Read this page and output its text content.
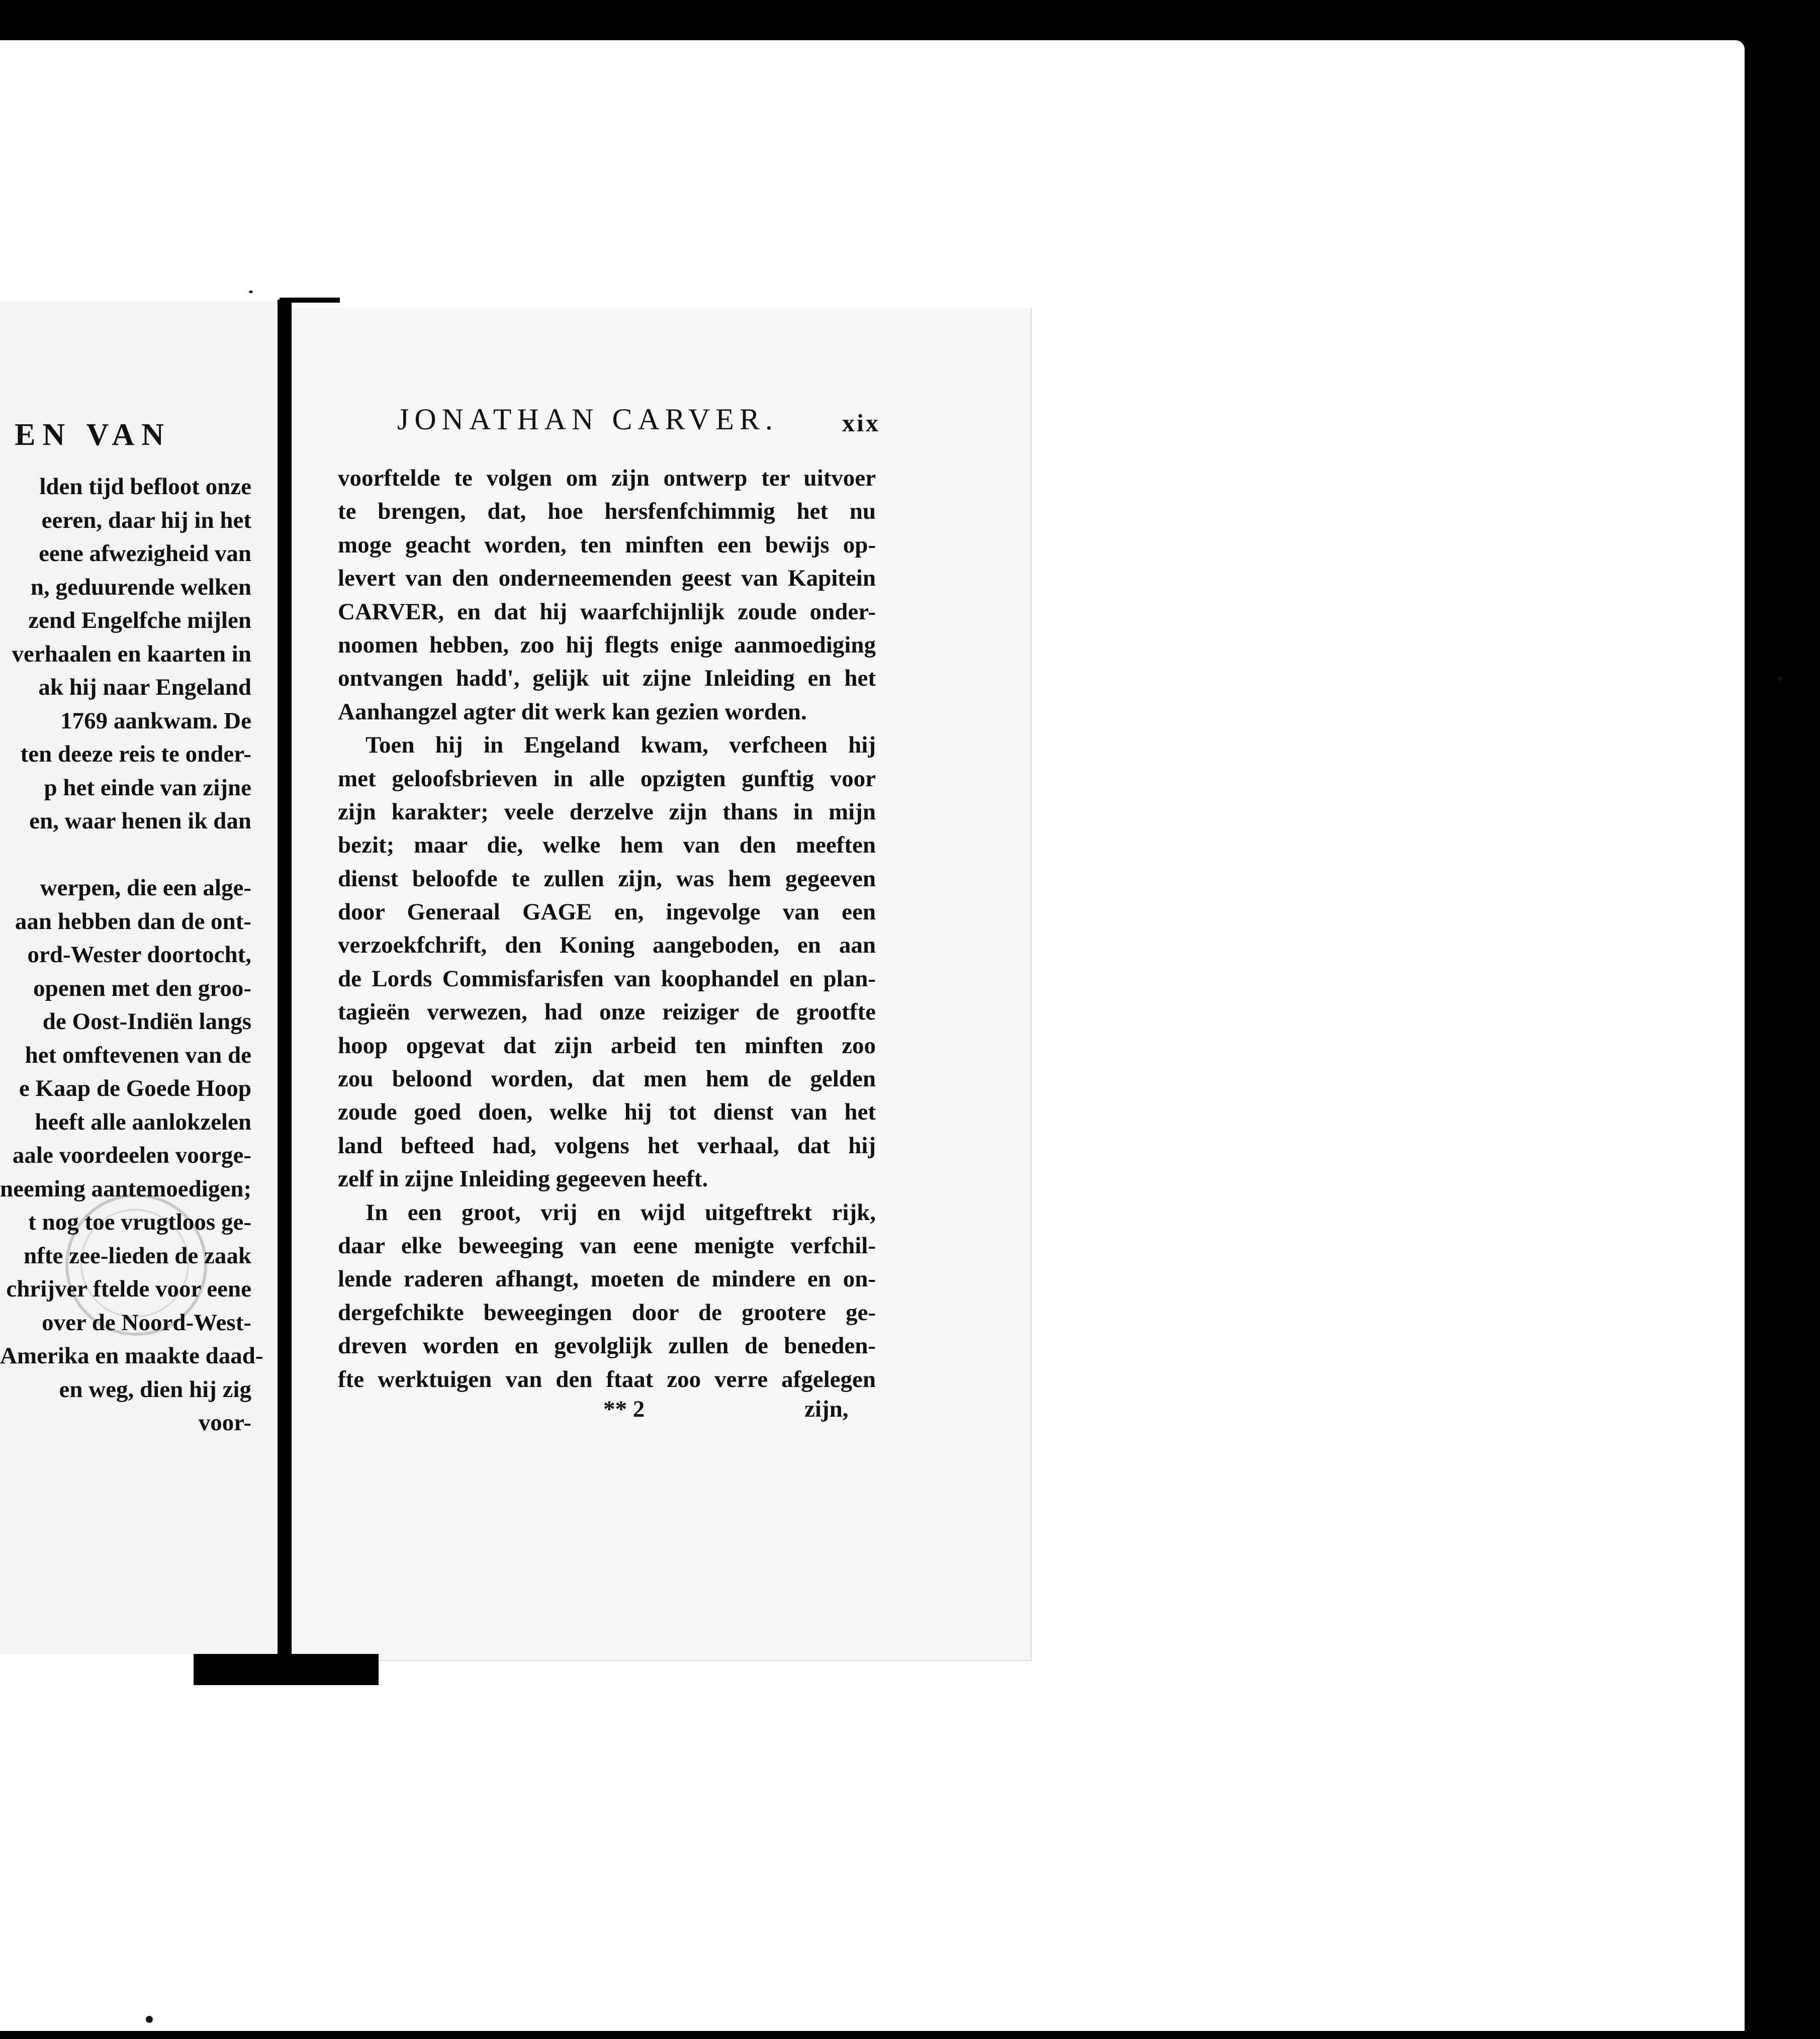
EN VAN
lden tijd befloot onze
eeren, daar hij in het
eene afwezigheid van
n, geduurende welken
zend Engelfche mijlen
verhaalen en kaarten in
ak hij naar Engeland
1769 aankwam. De
ten deeze reis te onder-
p het einde van zijne
en, waar henen ik dan
werpen, die een alge-
aan hebben dan de ont-
ord-Wester doortocht,
openen met den groo-
de Oost-Indiën langs
het omftevenen van de
e Kaap de Goede Hoop
heeft alle aanlokzelen
aale voordeelen voorge-
neeming aantemoedigen;
t nog toe vrugtloos ge-
nfte zee-lieden de zaak
chrijver ftelde voor eene
over de Noord-West-
Amerika en maakte daad-
en weg, dien hij zig
voor-
JONATHAN CARVER.	xix
voorftelde te volgen om zijn ontwerp ter uitvoer
te brengen, dat, hoe hersfenfchimmig het nu
moge geacht worden, ten minften een bewijs op-
levert van den onderneemenden geest van Kapitein
CARVER, en dat hij waarfchijnlijk zoude onder-
noomen hebben, zoo hij flegts enige aanmoediging
ontvangen hadd', gelijk uit zijne Inleiding en het
Aanhangzel agter dit werk kan gezien worden.
Toen hij in Engeland kwam, verfcheen hij
met geloofsbrieven in alle opzigten gunftig voor
zijn karakter; veele derzelve zijn thans in mijn
bezit; maar die, welke hem van den meeften
dienst beloofde te zullen zijn, was hem gegeeven
door Generaal GAGE en, ingevolge van een
verzoekfchrift, den Koning aangeboden, en aan
de Lords Commisfarisfen van koophandel en plan-
tagieën verwezen, had onze reiziger de grootfte
hoop opgevat dat zijn arbeid ten minften zoo
zou beloond worden, dat men hem de gelden
zoude goed doen, welke hij tot dienst van het
land befteed had, volgens het verhaal, dat hij
zelf in zijne Inleiding gegeeven heeft.
In een groot, vrij en wijd uitgeftrekt rijk,
daar elke beweeging van eene menigte verfchil-
lende raderen afhangt, moeten de mindere en on-
dergefchikte beweegingen door de grootere ge-
dreven worden en gevolglijk zullen de beneden-
fte werktuigen van den ftaat zoo verre afgelegen
** 2	zijn,
